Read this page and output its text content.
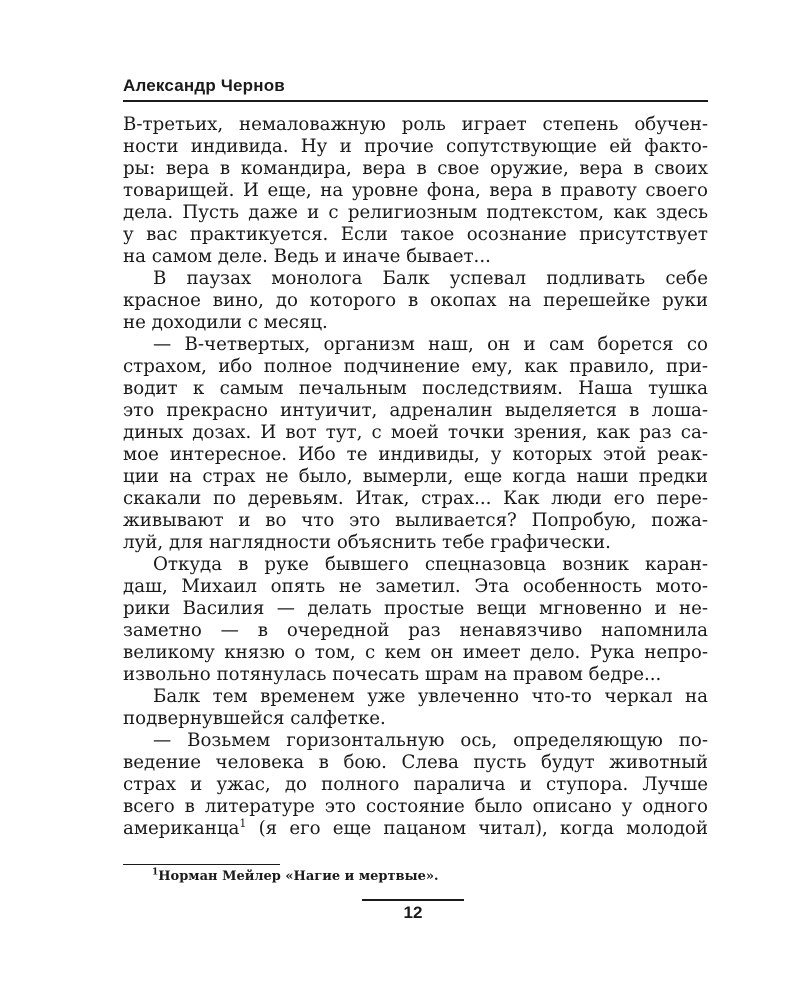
Александр Чернов
В-третьих, немаловажную роль играет степень обучен-
ности индивида. Ну и прочие сопутствующие ей факто-
ры: вера в командира, вера в свое оружие, вера в своих
товарищей. И еще, на уровне фона, вера в правоту своего
дела. Пусть даже и с религиозным подтекстом, как здесь
у вас практикуется. Если такое осознание присутствует
на самом деле. Ведь и иначе бывает...
В паузах монолога Балк успевал подливать себе
красное вино, до которого в окопах на перешейке руки
не доходили с месяц.
— В-четвертых, организм наш, он и сам борется со
страхом, ибо полное подчинение ему, как правило, при-
водит к самым печальным последствиям. Наша тушка
это прекрасно интуичит, адреналин выделяется в лошa-
диных дозах. И вот тут, с моей точки зрения, как раз са-
мое интересное. Ибо те индивиды, у которых этой реак-
ции на страх не было, вымерли, еще когда наши предки
скакали по деревьям. Итак, страх... Как люди его пере-
живывают и во что это выливается? Попробую, пожа-
луй, для наглядности объяснить тебе графически.
Откуда в руке бывшего спецназовца возник каран-
даш, Михаил опять не заметил. Эта особенность мото-
рики Василия — делать простые вещи мгновенно и не-
заметно — в очередной раз ненавязчиво напомнила
великому князю о том, с кем он имеет дело. Рука непро-
извольно потянулась почесать шрам на правом бедре...
Балк тем временем уже увлеченно что-то черкал на
подвернувшейся салфетке.
— Возьмем горизонтальную ось, определяющую по-
ведение человека в бою. Слева пусть будут животный
страх и ужас, до полного паралича и ступора. Лучше
всего в литературе это состояние было описано у одного
американца$^1$ (я его еще пацаном читал), когда молодой
$^1$Норман Мейлер «Нагие и мертвые».
12
